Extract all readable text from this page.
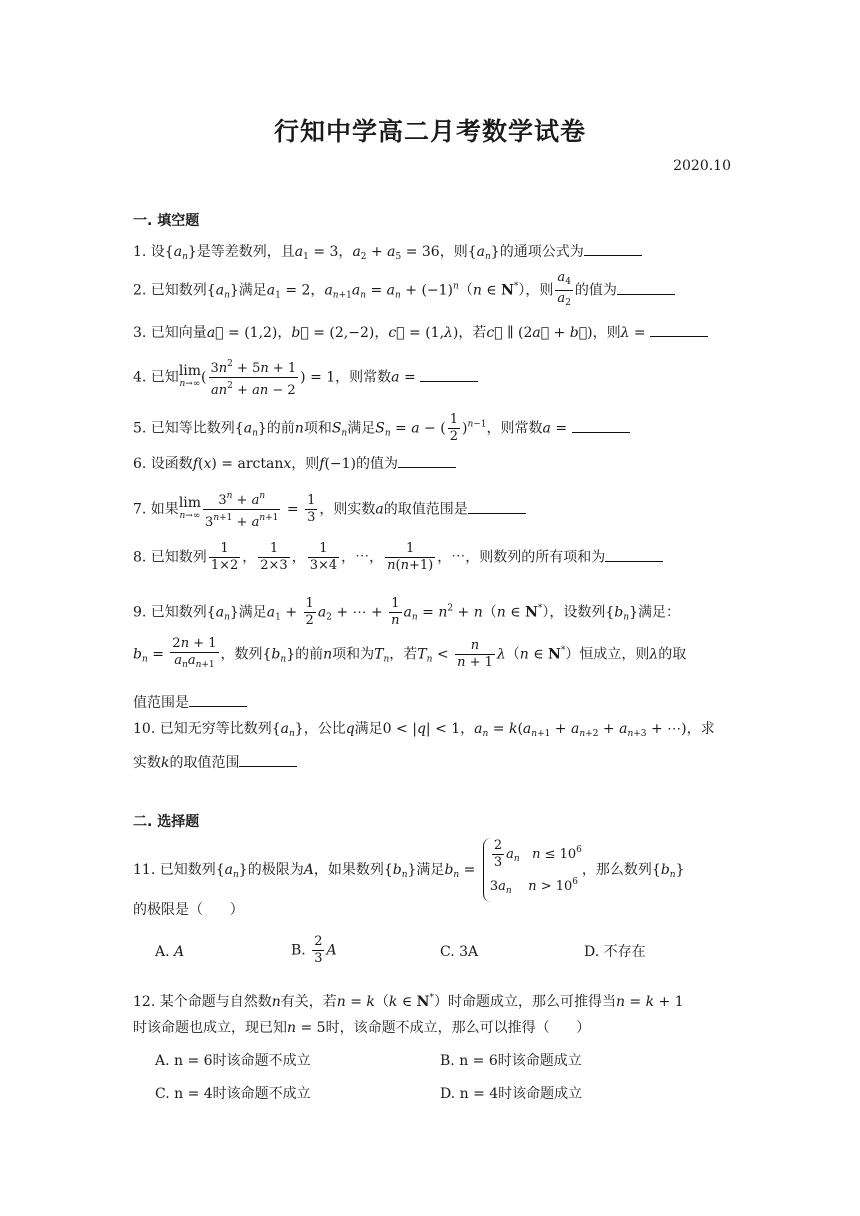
行知中学高二月考数学试卷
2020.10
一. 填空题
1. 设$\{a_n\}$是等差数列，且$a_1 = 3$，$a_2 + a_5 = 36$，则$\{a_n\}$的通项公式为
2. 已知数列$\{a_n\}$满足$a_1 = 2$，$a_{n+1}a_n = a_n + (-1)^n(n$ ∈ N*），则 $\frac{a_4}{a_2}$ 的值为
3. 已知向量a⃗ = (1,2)，b⃗ = (2,−2)，c⃗ = (1,λ)，若c⃗ ∥ (2a⃗ + b⃗)，则λ =
4. 已知lim
n→∞ ( $\frac{3n^2 + 5n + 1}{an^2 + an - 2}$ ) = 1，则常数a =
5. 已知等比数列$\{a_n\}$的前n项和$S_n$满足$S_n = a$ − ( $\frac{1}{2} )^{n-1}$，则常数a =
6. 设函数f(x) = arctanx，则f(−1)的值为
7. 如果lim
$n\to\infty \frac{3^n + a^n}{3^{n+1} + a^{n+1}} = \frac{1}{3}$ ，则实数a的取值范围是
8. 已知数列 $\frac{1}{1\times 2}$ ， $\frac{1}{2\times 3}$ ， $\frac{1}{3\times 4}$ ，⋯， $\frac{1}{n(n+1)}$ ，⋯，则数列的所有项和为
9. 已知数列$\{a_n\}$满足$a_1 + \frac{1}{2} a_2$ + ⋯ + $\frac{1}{n} a_n = n^2 + n(n$ ∈ N*），设数列$\{b_n\}$满足：
$b_n = \frac{2n + 1}{a_na_{n+1}}$ ，数列$\{b_n\}$的前n项和为$T_n$，若$T_n < \frac{n}{n + 1} \lambda(n$ ∈ N*）恒成立，则λ的取
值范围是
10. 已知无穷等比数列$\{a_n\}$，公比q满足0 < |q| < 1，$a_n = k(a_{n+1} + a_{n+2} + a_{n+3}$ + ⋯)，求
实数k的取值范围
二. 选择题
11. 已知数列$\{a_n\}$的极限为A，如果数列$\{b_n\}$满足$b_n = \frac{2}{3} a_n$ $n \le 10^6$
$3a_n$ $n > 10^6$，那么数列$\{b_n\}$
的极限是（      ）
A. A	B. $\frac{2}{3}$ A	C. 3A	D. 不存在
12. 某个命题与自然数n有关，若n = k（k ∈ N*）时命题成立，那么可推得当n = k + 1
时该命题也成立，现已知n = 5时，该命题不成立，那么可以推得（      ）
A. n = 6时该命题不成立	B. n = 6时该命题成立
C. n = 4时该命题不成立	D. n = 4时该命题成立
